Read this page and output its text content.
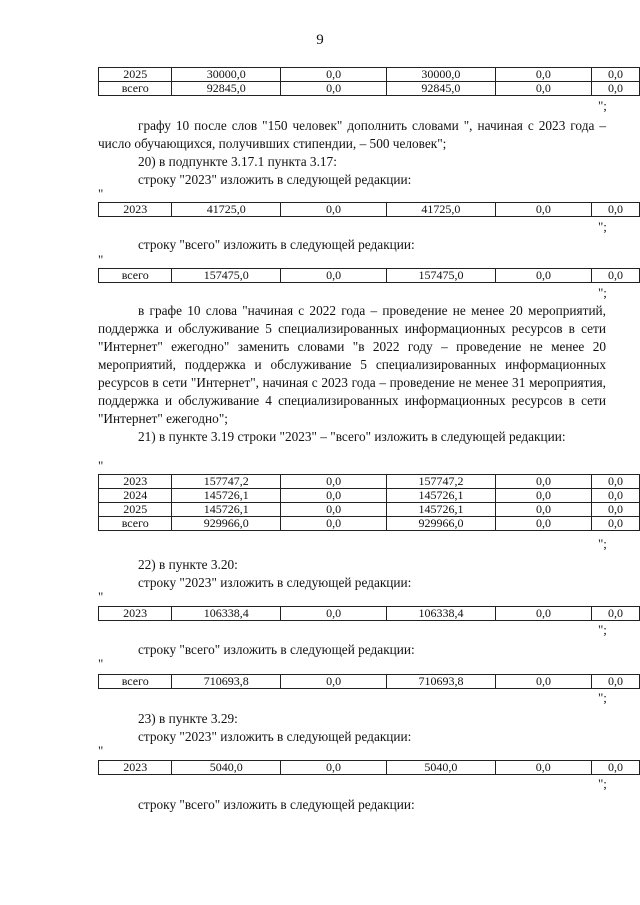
9
2025	30000,0	0,0	30000,0	0,0	0,0
всего	92845,0	0,0	92845,0	0,0	0,0
";
графу 10 после слов "150 человек" дополнить словами ", начиная с 2023 года – число обучающихся, получивших стипендии, – 500 человек";
20) в подпункте 3.17.1 пункта 3.17:
строку "2023" изложить в следующей редакции:
"
2023	41725,0	0,0	41725,0	0,0	0,0
";
строку "всего" изложить в следующей редакции:
"
всего	157475,0	0,0	157475,0	0,0	0,0
";
в графе 10 слова "начиная с 2022 года – проведение не менее 20 мероприятий, поддержка и обслуживание 5 специализированных информационных ресурсов в сети "Интернет" ежегодно" заменить словами "в 2022 году – проведение не менее 20 мероприятий, поддержка и обслуживание 5 специализированных информационных ресурсов в сети "Интернет", начиная с 2023 года – проведение не менее 31 мероприятия, поддержка и обслуживание 4 специализированных информационных ресурсов в сети "Интернет" ежегодно";
21) в пункте 3.19 строки "2023" – "всего" изложить в следующей редакции:
"
2023	157747,2	0,0	157747,2	0,0	0,0
2024	145726,1	0,0	145726,1	0,0	0,0
2025	145726,1	0,0	145726,1	0,0	0,0
всего	929966,0	0,0	929966,0	0,0	0,0
";
22) в пункте 3.20:
строку "2023" изложить в следующей редакции:
"
2023	106338,4	0,0	106338,4	0,0	0,0
";
строку "всего" изложить в следующей редакции:
"
всего	710693,8	0,0	710693,8	0,0	0,0
";
23) в пункте 3.29:
строку "2023" изложить в следующей редакции:
"
2023	5040,0	0,0	5040,0	0,0	0,0
";
строку "всего" изложить в следующей редакции:
